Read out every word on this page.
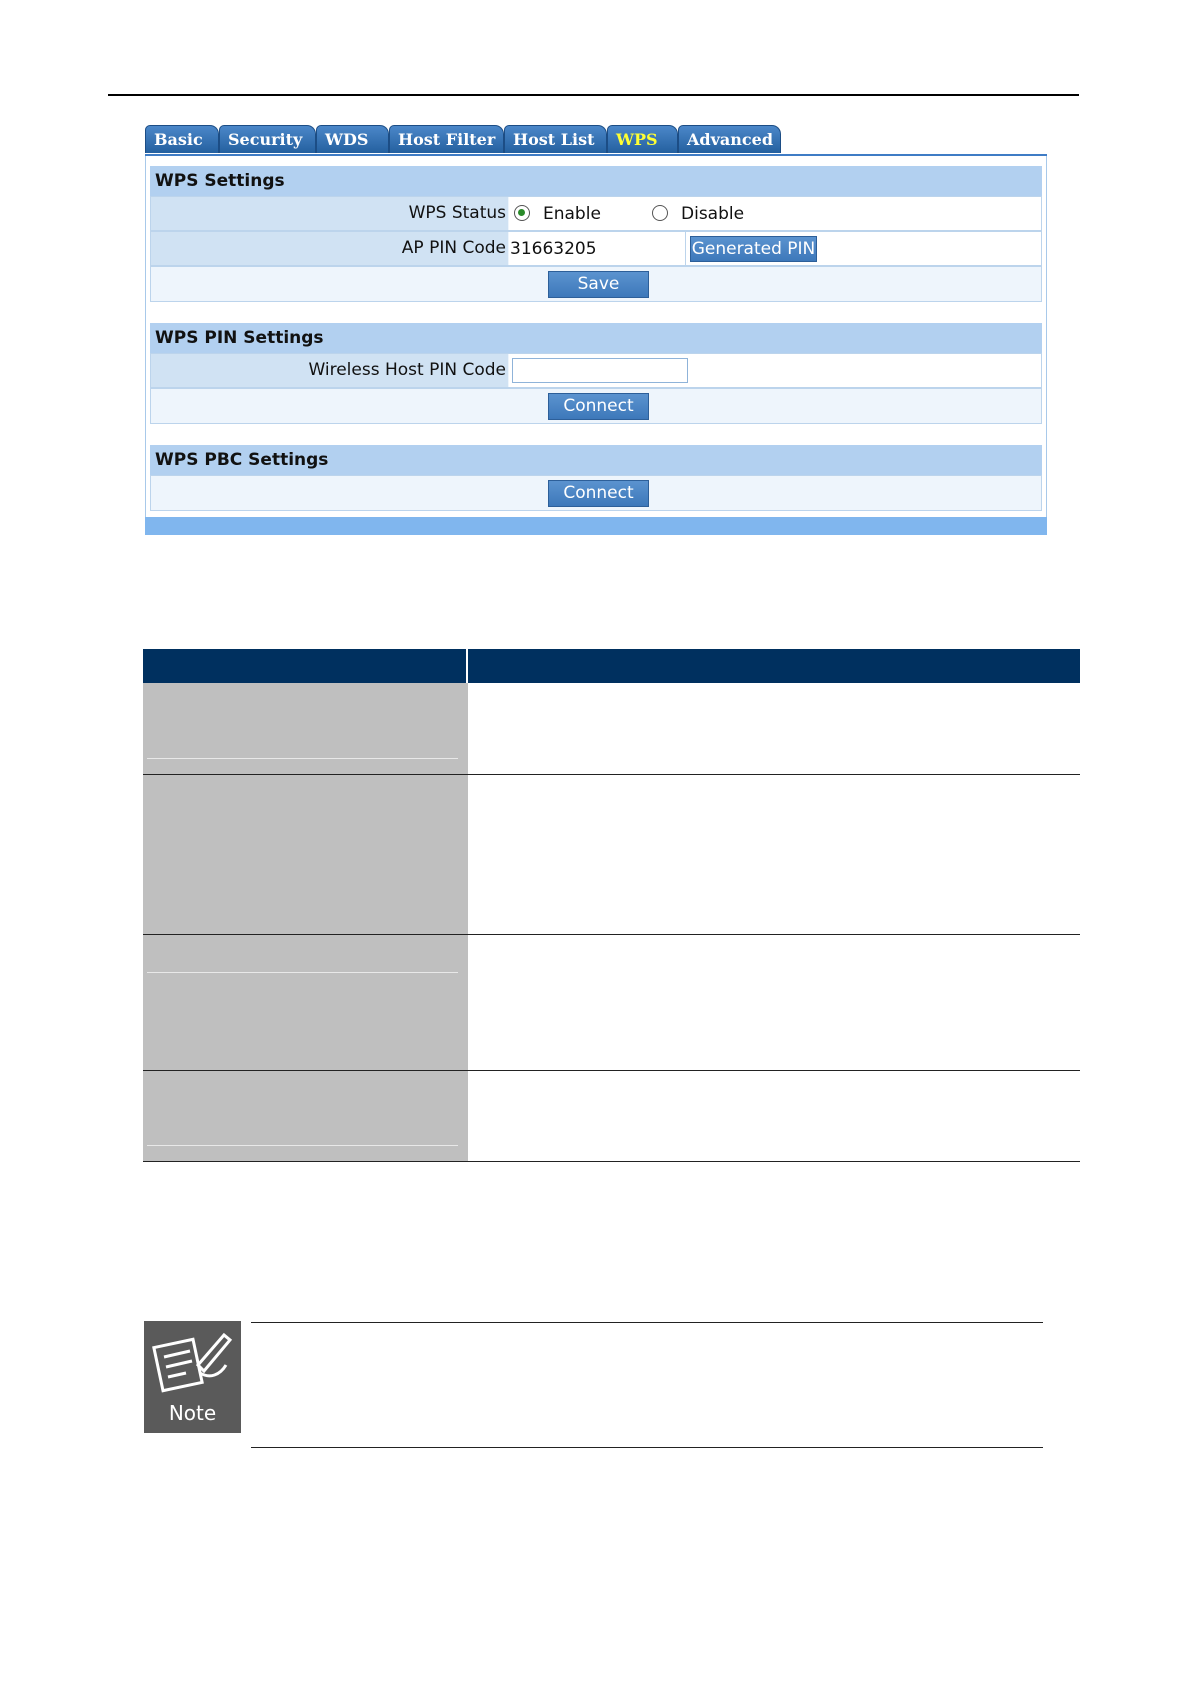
Basic	Security	WDS	Host Filter	Host List	WPS	Advanced
WPS Settings
WPS Status Enable	Disable
AP PIN Code 31663205	Generated PIN
Save
WPS PIN Settings
Wireless Host PIN Code
Connect
WPS PBC Settings
Connect
Note
